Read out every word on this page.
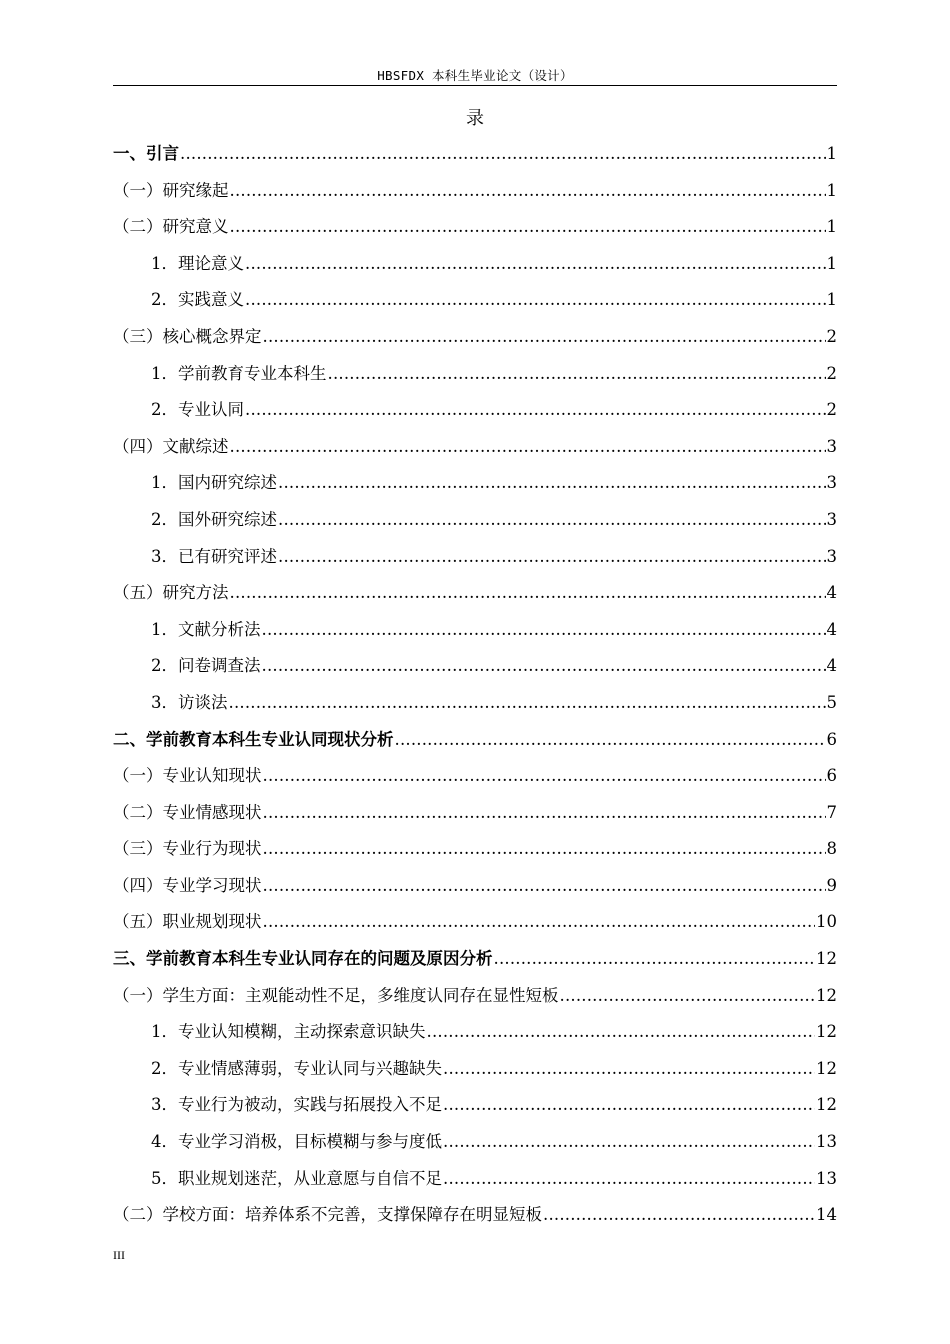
HBSFDX 本科生毕业论文（设计）
录
一、引言 .....	1
（一）研究缘起 .....	1
（二）研究意义 .....	1
1．理论意义 .....	1
2．实践意义 .....	1
（三）核心概念界定 .....	2
1．学前教育专业本科生 .....	2
2．专业认同 .....	2
（四）文献综述 .....	3
1．国内研究综述 .....	3
2．国外研究综述 .....	3
3．已有研究评述 .....	3
（五）研究方法 .....	4
1．文献分析法 .....	4
2．问卷调查法 .....	4
3．访谈法 .....	5
二、学前教育本科生专业认同现状分析 .....	6
（一）专业认知现状 .....	6
（二）专业情感现状 .....	7
（三）专业行为现状 .....	8
（四）专业学习现状 .....	9
（五）职业规划现状 .....	10
三、学前教育本科生专业认同存在的问题及原因分析 .....	12
（一）学生方面：主观能动性不足，多维度认同存在显性短板 .....	12
1．专业认知模糊，主动探索意识缺失 .....	12
2．专业情感薄弱，专业认同与兴趣缺失 .....	12
3．专业行为被动，实践与拓展投入不足 .....	12
4．专业学习消极，目标模糊与参与度低 .....	13
5．职业规划迷茫，从业意愿与自信不足 .....	13
（二）学校方面：培养体系不完善，支撑保障存在明显短板 .....	14
III
